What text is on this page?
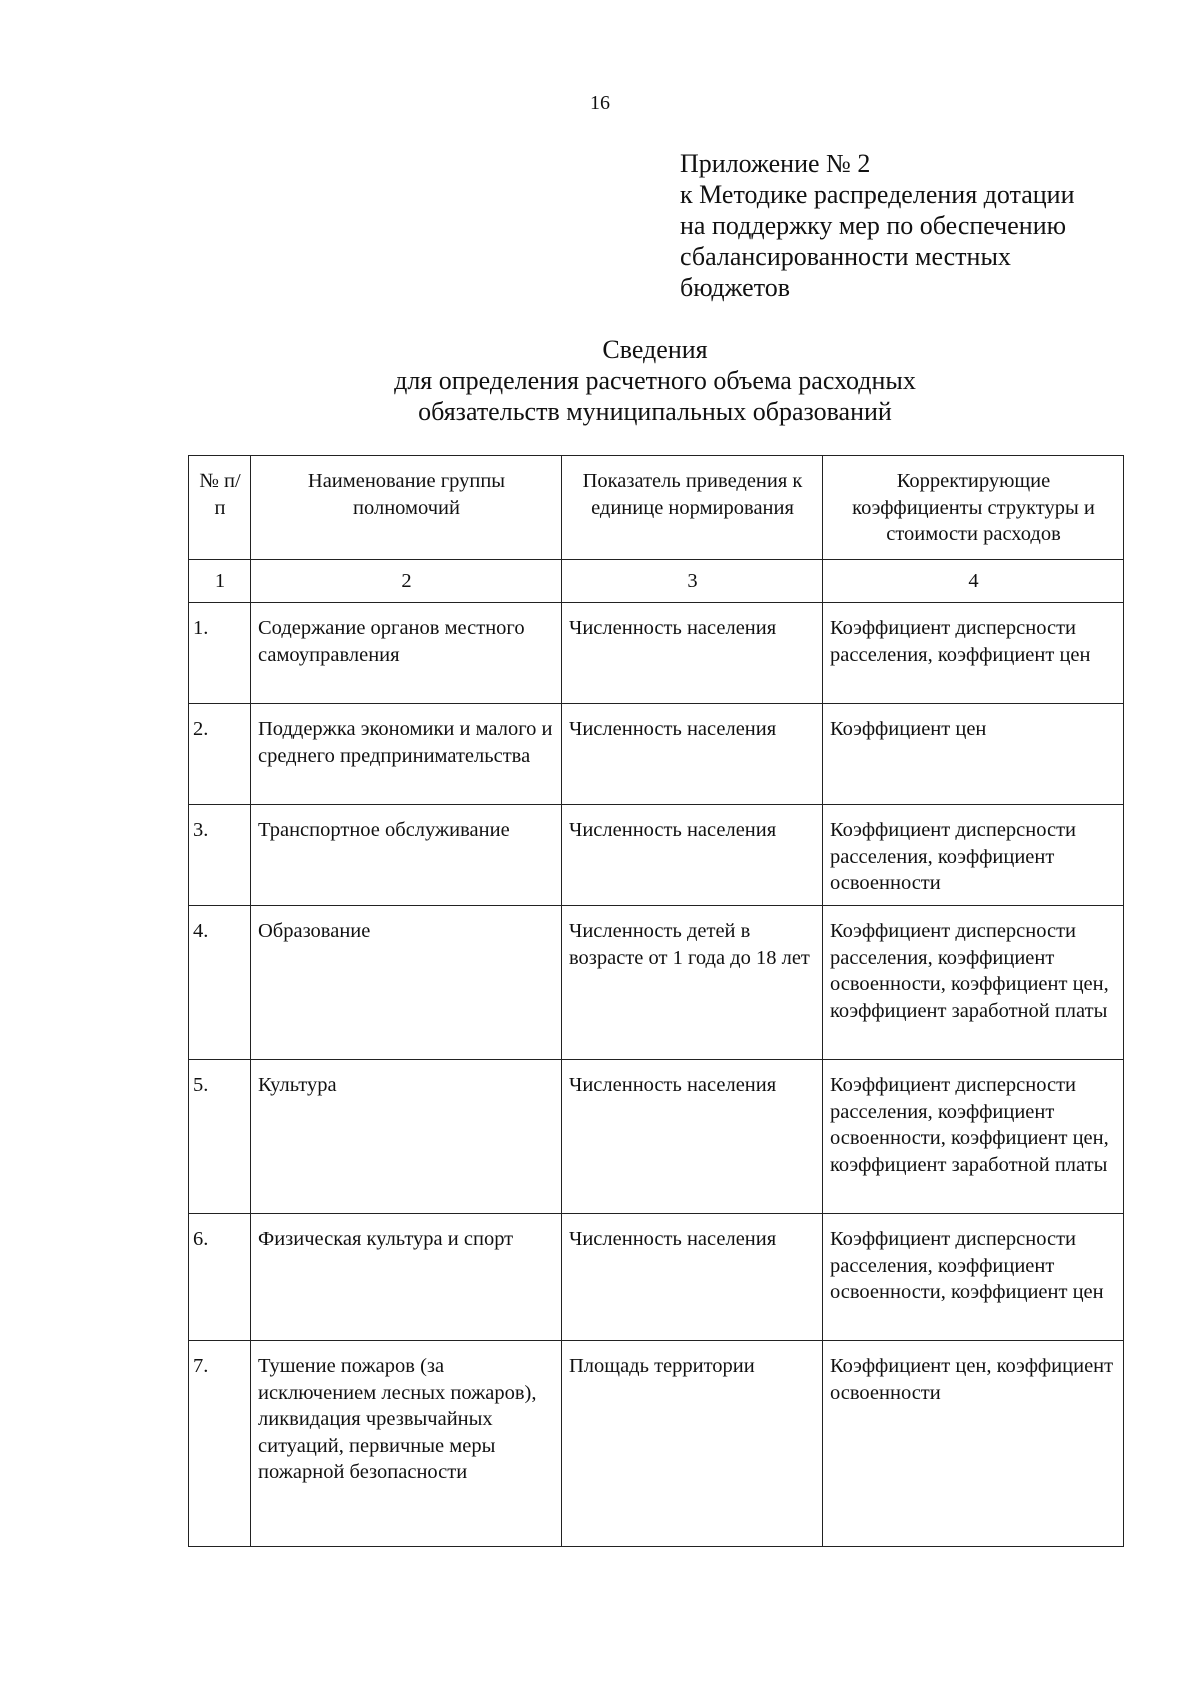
16
Приложение № 2
к Методике распределения дотации
на поддержку мер по обеспечению
сбалансированности местных
бюджетов
Сведения
для определения расчетного объема расходных
обязательств муниципальных образований
№ п/п	Наименование группы полномочий	Показатель приведения к единице нормирования	Корректирующие коэффициенты структуры и стоимости расходов
1	2	3	4
1.	Содержание органов местного самоуправления	Численность населения	Коэффициент дисперсности расселения, коэффициент цен
2.	Поддержка экономики и малого и среднего предпринимательства	Численность населения	Коэффициент цен
3.	Транспортное обслуживание	Численность населения	Коэффициент дисперсности расселения, коэффициент освоенности
4.	Образование	Численность детей в возрасте от 1 года до 18 лет	Коэффициент дисперсности расселения, коэффициент освоенности, коэффициент цен, коэффициент заработной платы
5.	Культура	Численность населения	Коэффициент дисперсности расселения, коэффициент освоенности, коэффициент цен, коэффициент заработной платы
6.	Физическая культура и спорт	Численность населения	Коэффициент дисперсности расселения, коэффициент освоенности, коэффициент цен
7.	Тушение пожаров (за исключением лесных пожаров), ликвидация чрезвычайных ситуаций, первичные меры пожарной безопасности	Площадь территории	Коэффициент цен, коэффициент освоенности
